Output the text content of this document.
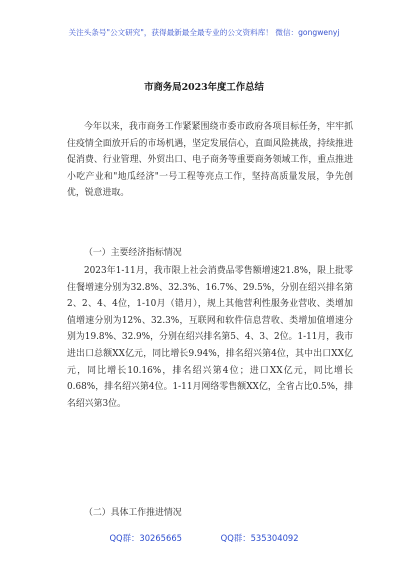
关注头条号"公文研究"，获得最新最全最专业的公文资料库！ 微信：gongwenyj
市商务局2023年度工作总结
今年以来，我市商务工作紧紧围绕市委市政府各项目标任务，牢牢抓住疫情全面放开后的市场机遇，坚定发展信心，直面风险挑战，持续推进促消费、行业管理、外贸出口、电子商务等重要商务领域工作，重点推进小吃产业和"地瓜经济"一号工程等亮点工作，坚持高质量发展，争先创优，锐意进取。
（一）主要经济指标情况
2023年1-11月，我市限上社会消费品零售额增速21.8%，限上批零住餐增速分别为32.8%、32.3%、16.7%、29.5%，分别在绍兴排名第2、2、4、4位，1-10月（错月），规上其他营利性服务业营收、类增加值增速分别为12%、32.3%，互联网和软件信息营收、类增加值增速分别为19.8%、32.9%，分别在绍兴排名第5、4、3、2位。1-11月，我市进出口总额XX亿元，同比增长9.94%，排名绍兴第4位，其中出口XX亿元，同比增长10.16%，排名绍兴第4位；进口XX亿元，同比增长0.68%，排名绍兴第4位。1-11月网络零售额XX亿，全省占比0.5%，排名绍兴第3位。
（二）具体工作推进情况
QQ群：30265665	QQ群：535304092
